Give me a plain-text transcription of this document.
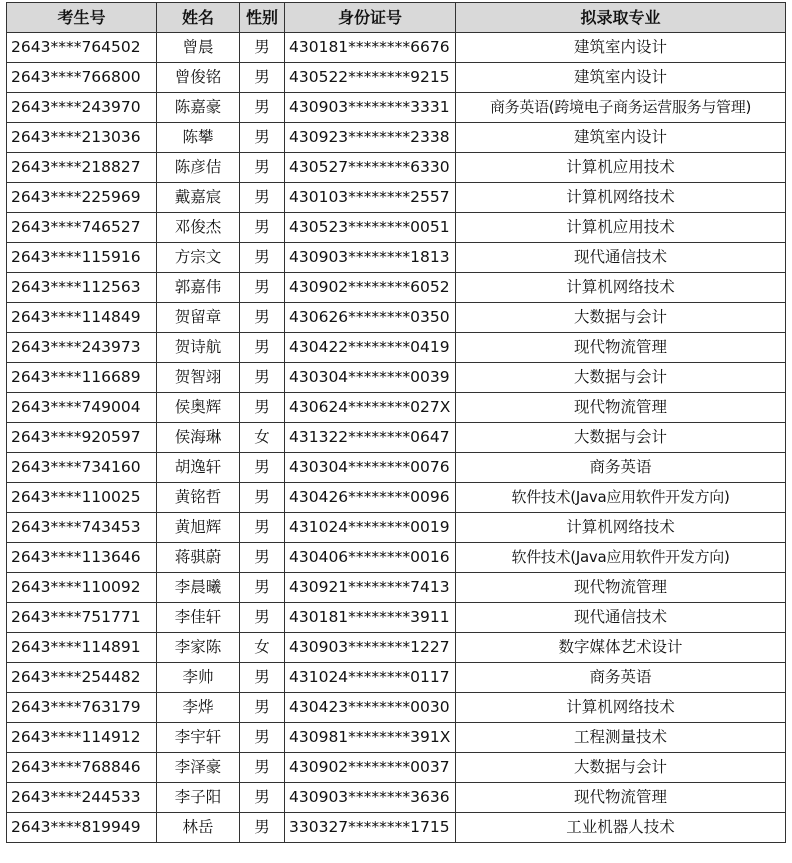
考生号	姓名	性别	身份证号	拟录取专业
2643****764502	曾晨	男	430181********6676	建筑室内设计
2643****766800	曾俊铭	男	430522********9215	建筑室内设计
2643****243970	陈嘉豪	男	430903********3331	商务英语(跨境电子商务运营服务与管理)
2643****213036	陈攀	男	430923********2338	建筑室内设计
2643****218827	陈彦佶	男	430527********6330	计算机应用技术
2643****225969	戴嘉宸	男	430103********2557	计算机网络技术
2643****746527	邓俊杰	男	430523********0051	计算机应用技术
2643****115916	方宗文	男	430903********1813	现代通信技术
2643****112563	郭嘉伟	男	430902********6052	计算机网络技术
2643****114849	贺留章	男	430626********0350	大数据与会计
2643****243973	贺诗航	男	430422********0419	现代物流管理
2643****116689	贺智翊	男	430304********0039	大数据与会计
2643****749004	侯奥辉	男	430624********027X	现代物流管理
2643****920597	侯海琳	女	431322********0647	大数据与会计
2643****734160	胡逸轩	男	430304********0076	商务英语
2643****110025	黄铭哲	男	430426********0096	软件技术(Java应用软件开发方向)
2643****743453	黄旭辉	男	431024********0019	计算机网络技术
2643****113646	蒋骐蔚	男	430406********0016	软件技术(Java应用软件开发方向)
2643****110092	李晨曦	男	430921********7413	现代物流管理
2643****751771	李佳轩	男	430181********3911	现代通信技术
2643****114891	李家陈	女	430903********1227	数字媒体艺术设计
2643****254482	李帅	男	431024********0117	商务英语
2643****763179	李烨	男	430423********0030	计算机网络技术
2643****114912	李宇轩	男	430981********391X	工程测量技术
2643****768846	李泽豪	男	430902********0037	大数据与会计
2643****244533	李子阳	男	430903********3636	现代物流管理
2643****819949	林岳	男	330327********1715	工业机器人技术
